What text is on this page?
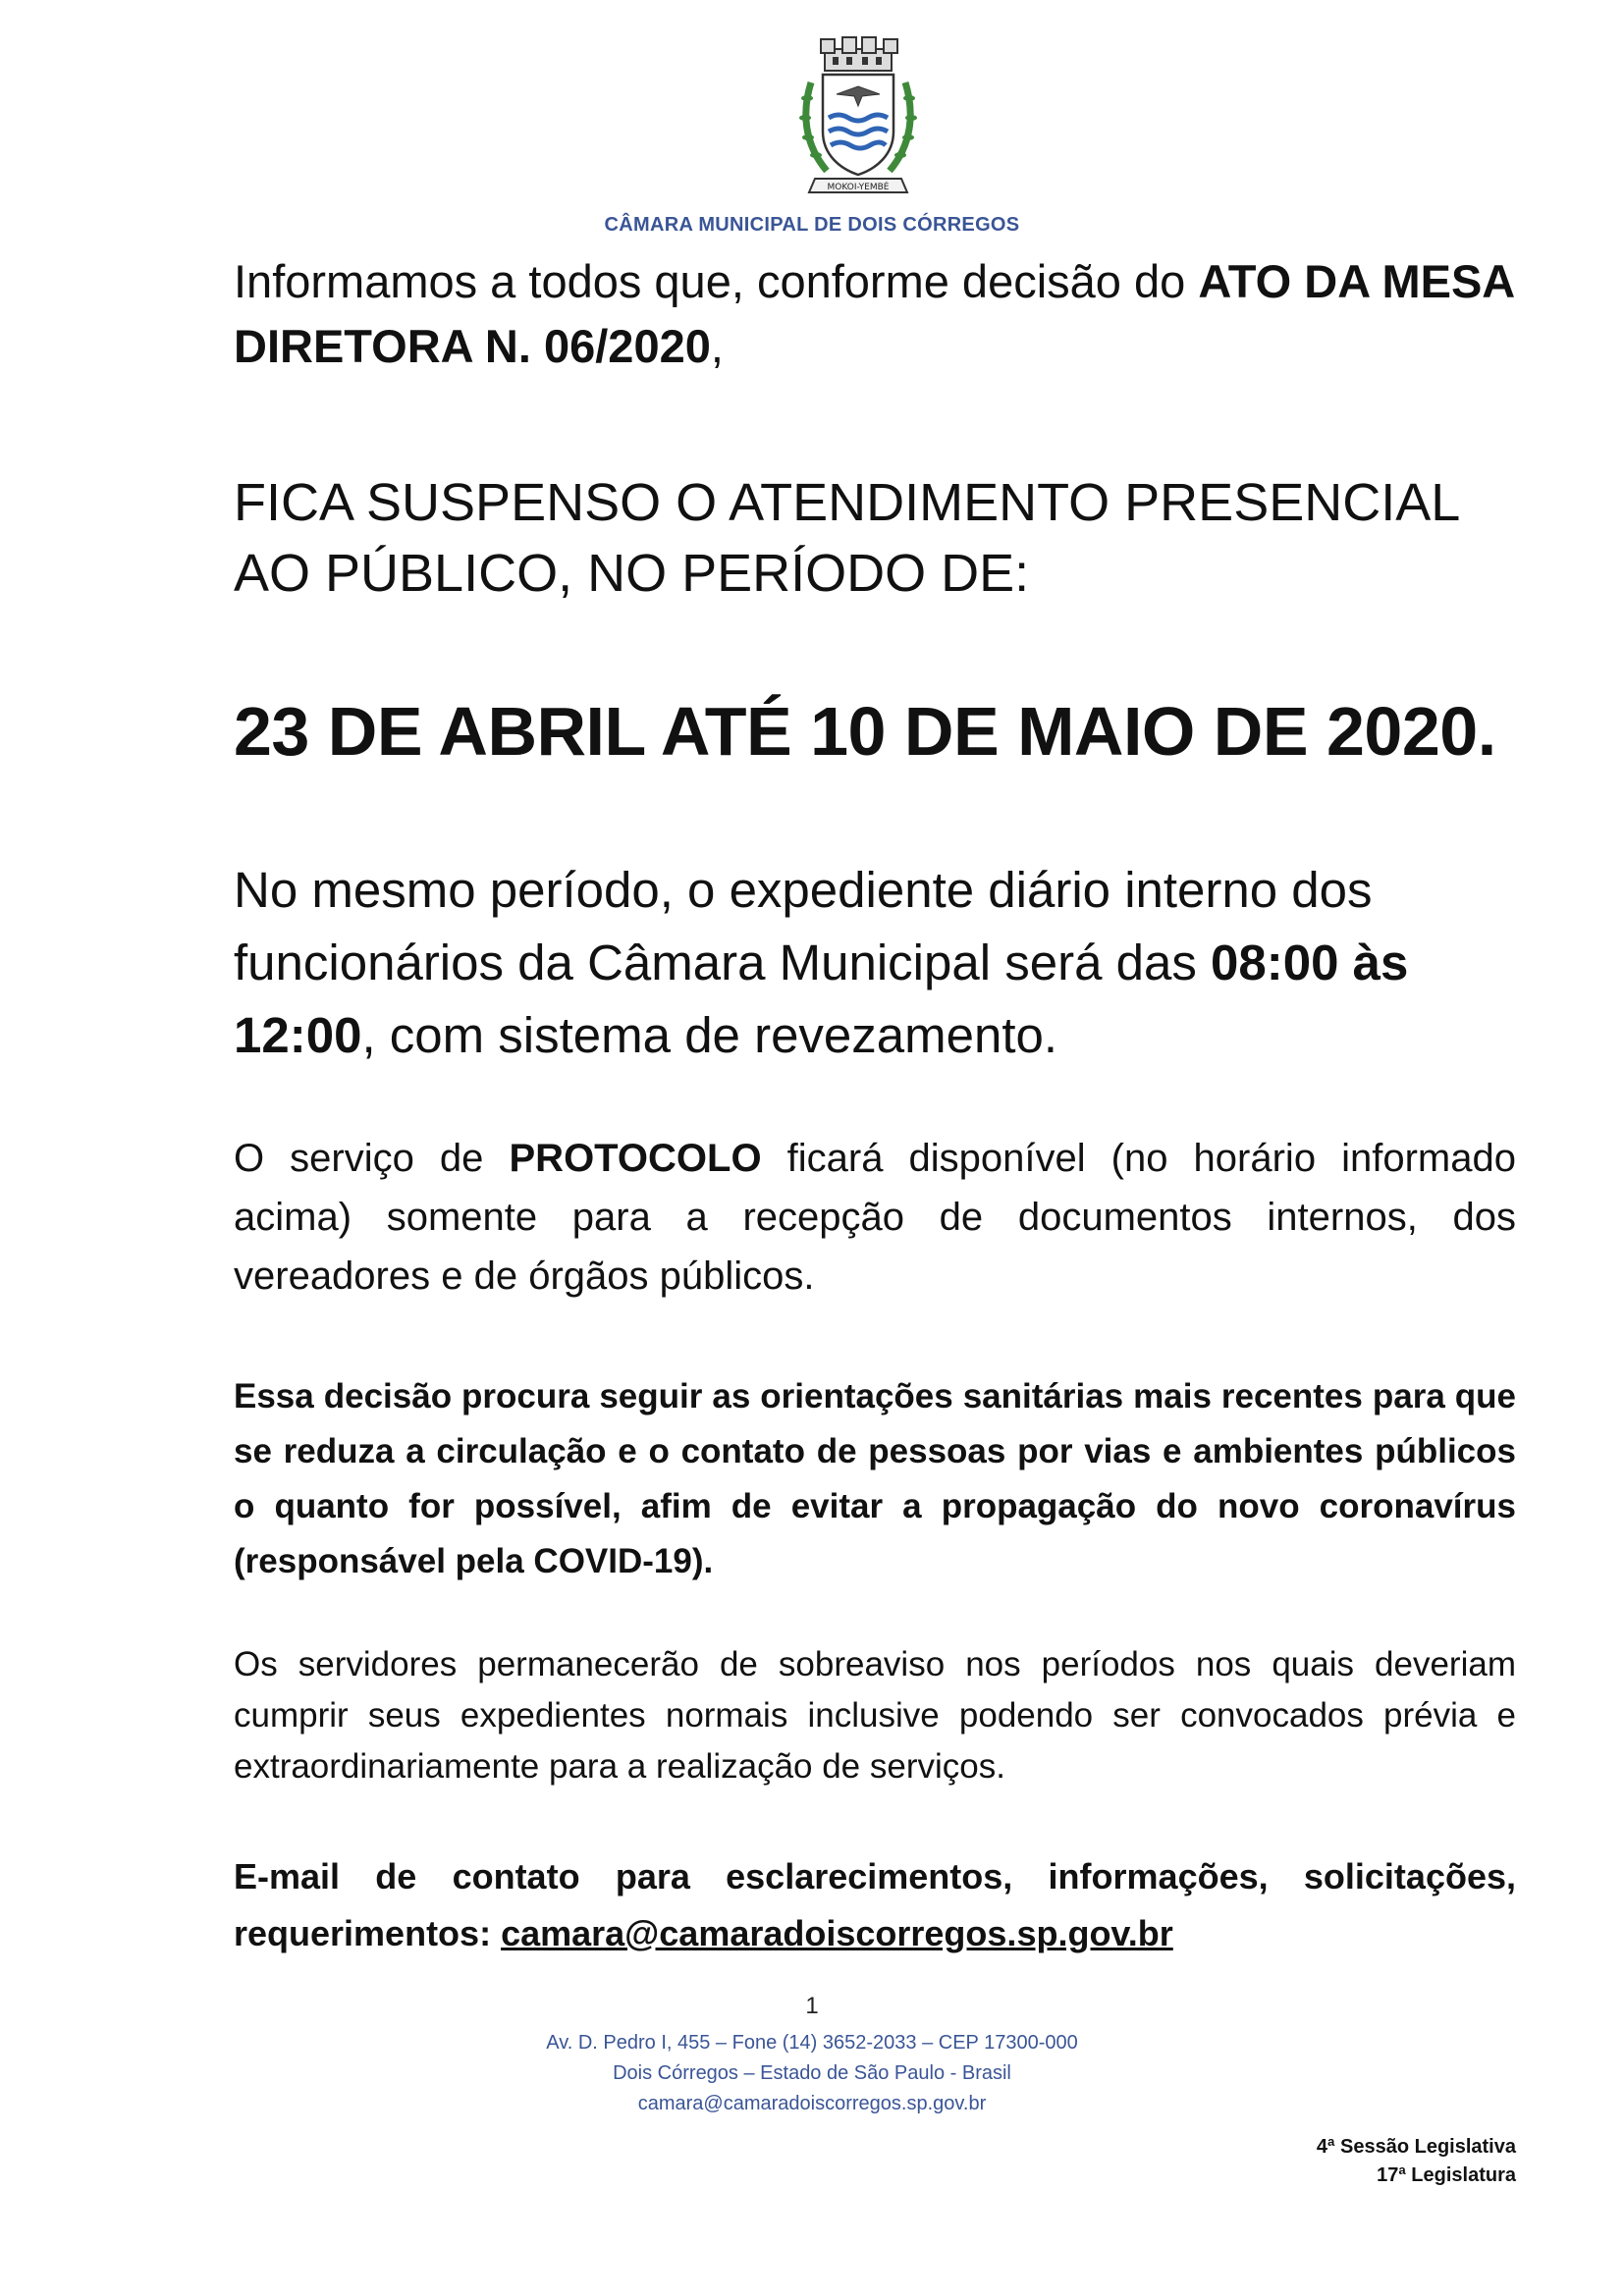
MOKOI-YEMBÉ
CÂMARA MUNICIPAL DE DOIS CÓRREGOS
Informamos a todos que, conforme decisão do ATO DA MESA DIRETORA N. 06/2020,
FICA SUSPENSO O ATENDIMENTO PRESENCIAL AO PÚBLICO, NO PERÍODO DE:
23 DE ABRIL ATÉ 10 DE MAIO DE 2020.
No mesmo período, o expediente diário interno dos funcionários da Câmara Municipal será das 08:00 às 12:00, com sistema de revezamento.
O serviço de PROTOCOLO ficará disponível (no horário informado acima) somente para a recepção de documentos internos, dos vereadores e de órgãos públicos.
Essa decisão procura seguir as orientações sanitárias mais recentes para que se reduza a circulação e o contato de pessoas por vias e ambientes públicos o quanto for possível, afim de evitar a propagação do novo coronavírus (responsável pela COVID-19).
Os servidores permanecerão de sobreaviso nos períodos nos quais deveriam cumprir seus expedientes normais inclusive podendo ser convocados prévia e extraordinariamente para a realização de serviços.
E-mail de contato para esclarecimentos, informações, solicitações, requerimentos: camara@camaradoiscorregos.sp.gov.br
1
Av. D. Pedro I, 455 – Fone (14) 3652-2033 – CEP 17300-000
Dois Córregos – Estado de São Paulo - Brasil
camara@camaradoiscorregos.sp.gov.br
4ª Sessão Legislativa
17ª Legislatura
